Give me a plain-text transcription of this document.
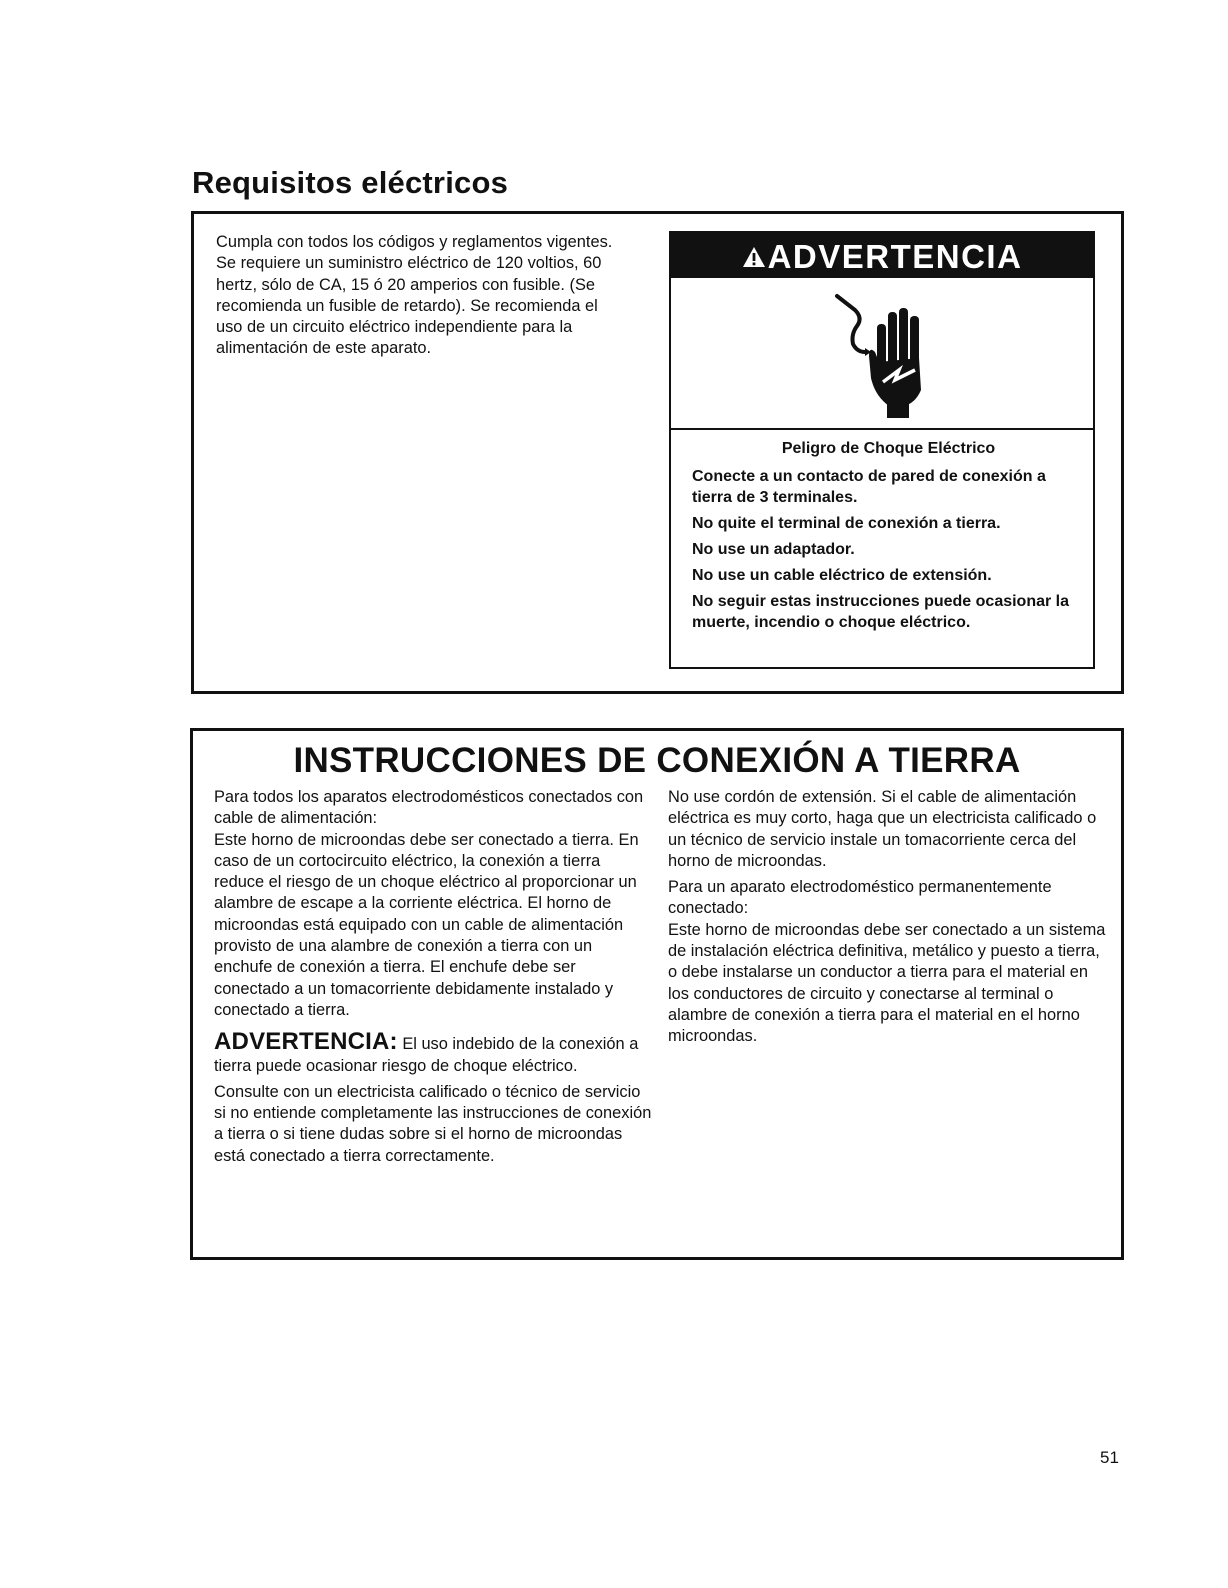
Requisitos eléctricos
Cumpla con todos los códigos y reglamentos vigentes. Se requiere un suministro eléctrico de 120 voltios, 60 hertz, sólo de CA, 15 ó 20 amperios con fusible. (Se recomienda un fusible de retardo). Se recomienda el uso de un circuito eléctrico independiente para la alimentación de este aparato.
ADVERTENCIA

Peligro de Choque Eléctrico

Conecte a un contacto de pared de conexión a tierra de 3 terminales.

No quite el terminal de conexión a tierra.

No use un adaptador.

No use un cable eléctrico de extensión.

No seguir estas instrucciones puede ocasionar la muerte, incendio o choque eléctrico.

INSTRUCCIONES DE CONEXIÓN A TIERRA
Para todos los aparatos electrodomésticos conectados con cable de alimentación:

Este horno de microondas debe ser conectado a tierra. En caso de un cortocircuito eléctrico, la conexión a tierra reduce el riesgo de un choque eléctrico al proporcionar un alambre de escape a la corriente eléctrica. El horno de microondas está equipado con un cable de alimentación provisto de una alambre de conexión a tierra con un enchufe de conexión a tierra. El enchufe debe ser conectado a un tomacorriente debidamente instalado y conectado a tierra.

ADVERTENCIA: El uso indebido de la conexión a tierra puede ocasionar riesgo de choque eléctrico.

Consulte con un electricista calificado o técnico de servicio si no entiende completamente las instrucciones de conexión a tierra o si tiene dudas sobre si el horno de microondas está conectado a tierra correctamente.

No use cordón de extensión. Si el cable de alimentación eléctrica es muy corto, haga que un electricista calificado o un técnico de servicio instale un tomacorriente cerca del horno de microondas.

Para un aparato electrodoméstico permanentemente conectado:

Este horno de microondas debe ser conectado a un sistema de instalación eléctrica definitiva, metálico y puesto a tierra, o debe instalarse un conductor a tierra para el material en los conductores de circuito y conectarse al terminal o alambre de conexión a tierra para el material en el horno microondas.

51
